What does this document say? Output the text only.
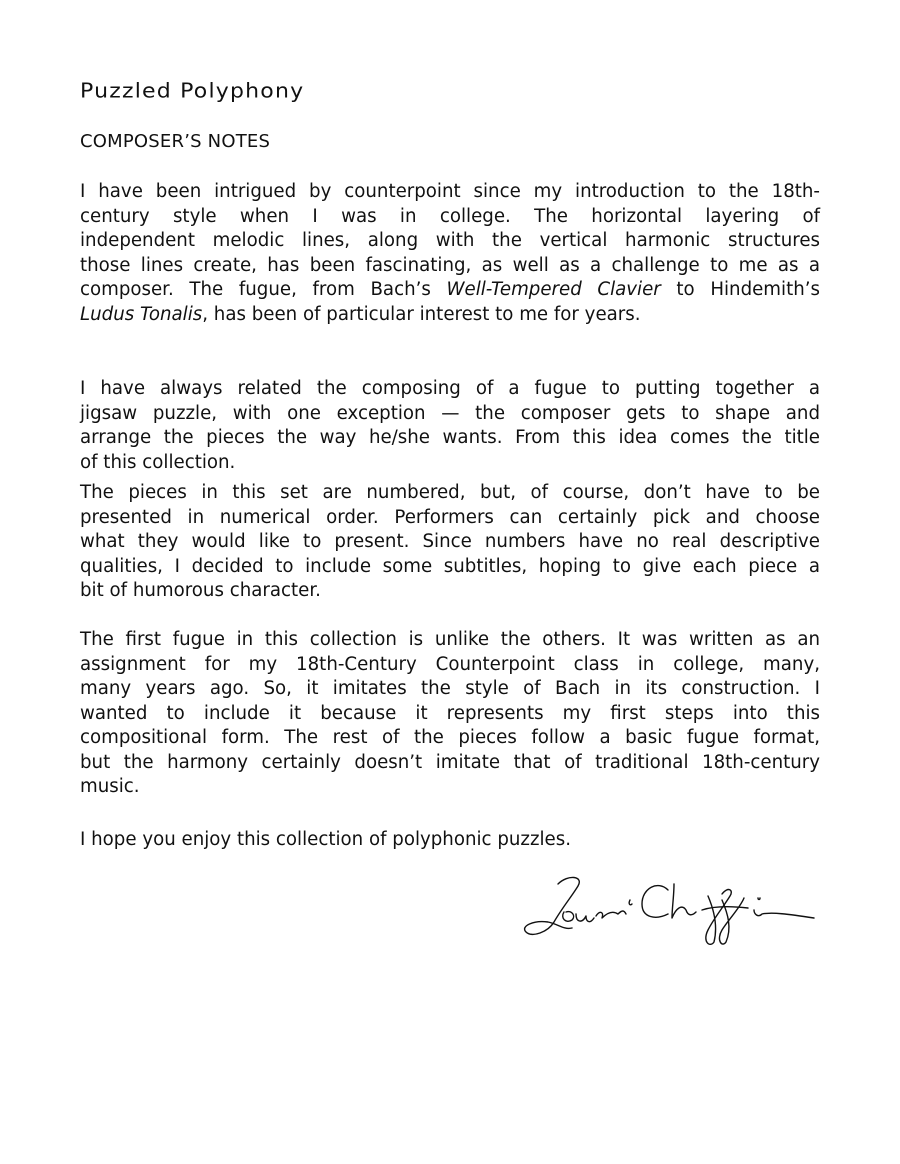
Puzzled Polyphony
COMPOSER’S NOTES

I have been intrigued by counterpoint since my introduction to the 18th-
century style when I was in college. The horizontal layering of
independent melodic lines, along with the vertical harmonic structures
those lines create, has been fascinating, as well as a challenge to me as a
composer. The fugue, from Bach’s Well-Tempered Clavier to Hindemith’s
Ludus Tonalis, has been of particular interest to me for years.

I have always related the composing of a fugue to putting together a
jigsaw puzzle, with one exception — the composer gets to shape and
arrange the pieces the way he/she wants. From this idea comes the title
of this collection.

The pieces in this set are numbered, but, of course, don’t have to be
presented in numerical order. Performers can certainly pick and choose
what they would like to present. Since numbers have no real descriptive
qualities, I decided to include some subtitles, hoping to give each piece a
bit of humorous character.

The first fugue in this collection is unlike the others. It was written as an
assignment for my 18th-Century Counterpoint class in college, many,
many years ago. So, it imitates the style of Bach in its construction. I
wanted to include it because it represents my first steps into this
compositional form. The rest of the pieces follow a basic fugue format,
but the harmony certainly doesn’t imitate that of traditional 18th-century
music.

I hope you enjoy this collection of polyphonic puzzles.
